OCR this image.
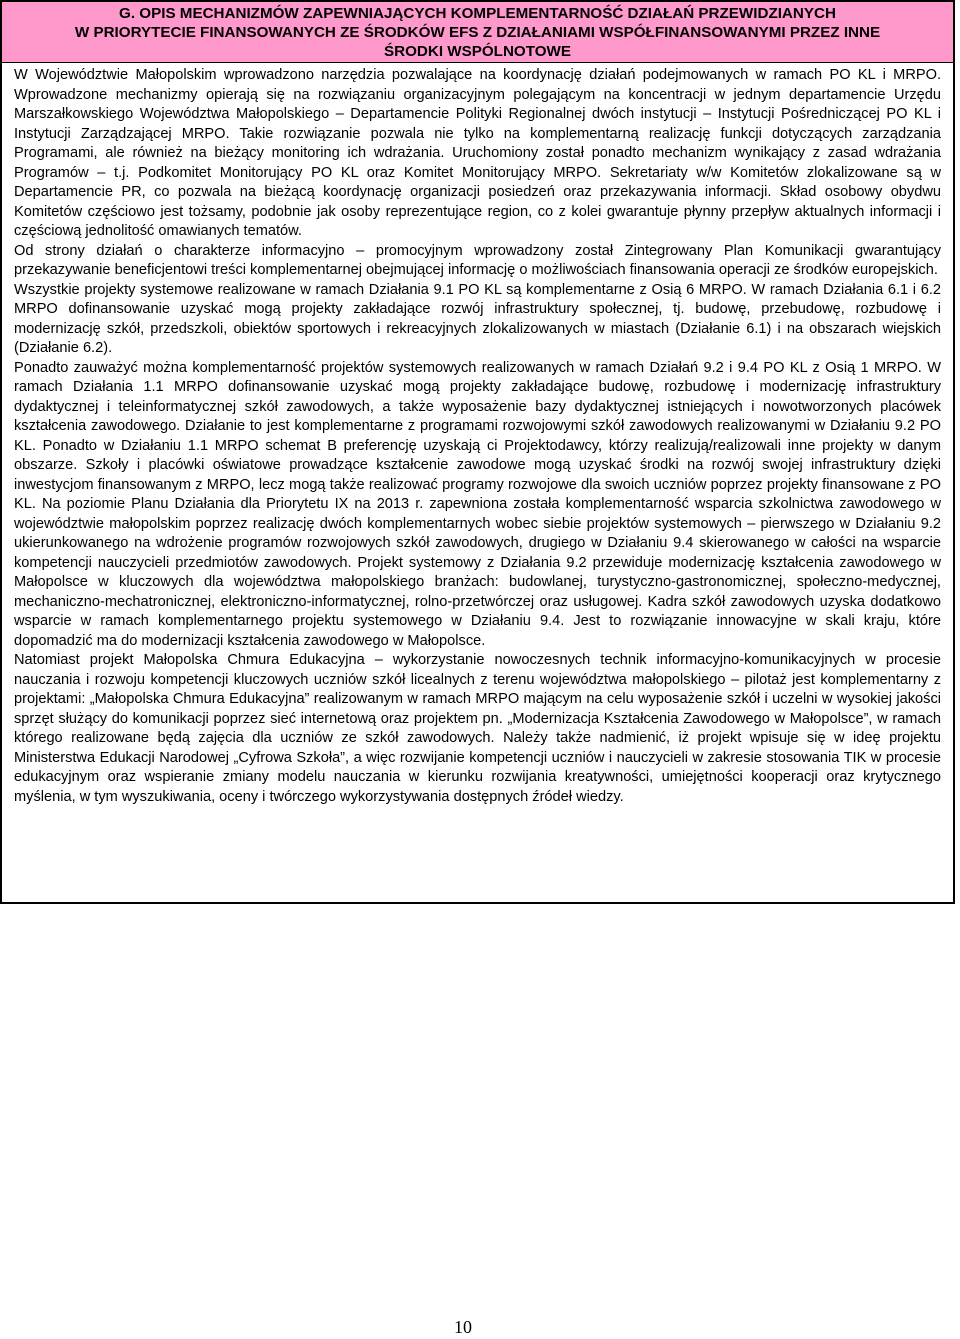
G. OPIS MECHANIZMÓW ZAPEWNIAJĄCYCH KOMPLEMENTARNOŚĆ DZIAŁAŃ PRZEWIDZIANYCH
W PRIORYTECIE FINANSOWANYCH ZE ŚRODKÓW EFS Z DZIAŁANIAMI WSPÓŁFINANSOWANYMI PRZEZ INNE
ŚRODKI WSPÓLNOTOWE

W Województwie Małopolskim wprowadzono narzędzia pozwalające na koordynację działań podejmowanych w ramach PO KL i MRPO. Wprowadzone mechanizmy opierają się na rozwiązaniu organizacyjnym polegającym na koncentracji w jednym departamencie Urzędu Marszałkowskiego Województwa Małopolskiego – Departamencie Polityki Regionalnej dwóch instytucji – Instytucji Pośredniczącej PO KL i Instytucji Zarządzającej MRPO. Takie rozwiązanie pozwala nie tylko na komplementarną realizację funkcji dotyczących zarządzania Programami, ale również na bieżący monitoring ich wdrażania. Uruchomiony został ponadto mechanizm wynikający z zasad wdrażania Programów – t.j. Podkomitet Monitorujący PO KL oraz Komitet Monitorujący MRPO. Sekretariaty w/w Komitetów zlokalizowane są w Departamencie PR, co pozwala na bieżącą koordynację organizacji posiedzeń oraz przekazywania informacji. Skład osobowy obydwu Komitetów częściowo jest tożsamy, podobnie jak osoby reprezentujące region, co z kolei gwarantuje płynny przepływ aktualnych informacji i częściową jednolitość omawianych tematów.

Od strony działań o charakterze informacyjno – promocyjnym wprowadzony został Zintegrowany Plan Komunikacji gwarantujący przekazywanie beneficjentowi treści komplementarnej obejmującej informację o możliwościach finansowania operacji ze środków europejskich.

Wszystkie projekty systemowe realizowane w ramach Działania 9.1 PO KL są komplementarne z Osią 6 MRPO. W ramach Działania 6.1 i 6.2 MRPO dofinansowanie uzyskać mogą projekty zakładające rozwój infrastruktury społecznej, tj. budowę, przebudowę, rozbudowę i modernizację szkół, przedszkoli, obiektów sportowych i rekreacyjnych zlokalizowanych w miastach (Działanie 6.1) i na obszarach wiejskich (Działanie 6.2).

Ponadto zauważyć można komplementarność projektów systemowych realizowanych w ramach Działań 9.2 i 9.4 PO KL z Osią 1 MRPO. W ramach Działania 1.1 MRPO dofinansowanie uzyskać mogą projekty zakładające budowę, rozbudowę i modernizację infrastruktury dydaktycznej i teleinformatycznej szkół zawodowych, a także wyposażenie bazy dydaktycznej istniejących i nowotworzonych placówek kształcenia zawodowego. Działanie to jest komplementarne z programami rozwojowymi szkół zawodowych realizowanymi w Działaniu 9.2 PO KL. Ponadto w Działaniu 1.1 MRPO schemat B preferencję uzyskają ci Projektodawcy, którzy realizują/realizowali inne projekty w danym obszarze. Szkoły i placówki oświatowe prowadzące kształcenie zawodowe mogą uzyskać środki na rozwój swojej infrastruktury dzięki inwestycjom finansowanym z MRPO, lecz mogą także realizować programy rozwojowe dla swoich uczniów poprzez projekty finansowane z PO KL. Na poziomie Planu Działania dla Priorytetu IX na 2013 r. zapewniona została komplementarność wsparcia szkolnictwa zawodowego w województwie małopolskim poprzez realizację dwóch komplementarnych wobec siebie projektów systemowych – pierwszego w Działaniu 9.2 ukierunkowanego na wdrożenie programów rozwojowych szkół zawodowych, drugiego w Działaniu 9.4 skierowanego w całości na wsparcie kompetencji nauczycieli przedmiotów zawodowych. Projekt systemowy z Działania 9.2 przewiduje modernizację kształcenia zawodowego w Małopolsce w kluczowych dla województwa małopolskiego branżach: budowlanej, turystyczno-gastronomicznej, społeczno-medycznej, mechaniczno-mechatronicznej, elektroniczno-informatycznej, rolno-przetwórczej oraz usługowej. Kadra szkół zawodowych uzyska dodatkowo wsparcie w ramach komplementarnego projektu systemowego w Działaniu 9.4. Jest to rozwiązanie innowacyjne w skali kraju, które dopomadzić ma do modernizacji kształcenia zawodowego w Małopolsce.

Natomiast projekt Małopolska Chmura Edukacyjna – wykorzystanie nowoczesnych technik informacyjno-komunikacyjnych w procesie nauczania i rozwoju kompetencji kluczowych uczniów szkół licealnych z terenu województwa małopolskiego – pilotaż jest komplementarny z projektami: „Małopolska Chmura Edukacyjna” realizowanym w ramach MRPO mającym na celu wyposażenie szkół i uczelni w wysokiej jakości sprzęt służący do komunikacji poprzez sieć internetową oraz projektem pn. „Modernizacja Kształcenia Zawodowego w Małopolsce”, w ramach którego realizowane będą zajęcia dla uczniów ze szkół zawodowych. Należy także nadmienić, iż projekt wpisuje się w ideę projektu Ministerstwa Edukacji Narodowej „Cyfrowa Szkoła”, a więc rozwijanie kompetencji uczniów i nauczycieli w zakresie stosowania TIK w procesie edukacyjnym oraz wspieranie zmiany modelu nauczania w kierunku rozwijania kreatywności, umiejętności kooperacji oraz krytycznego myślenia, w tym wyszukiwania, oceny i twórczego wykorzystywania dostępnych źródeł wiedzy.

10
